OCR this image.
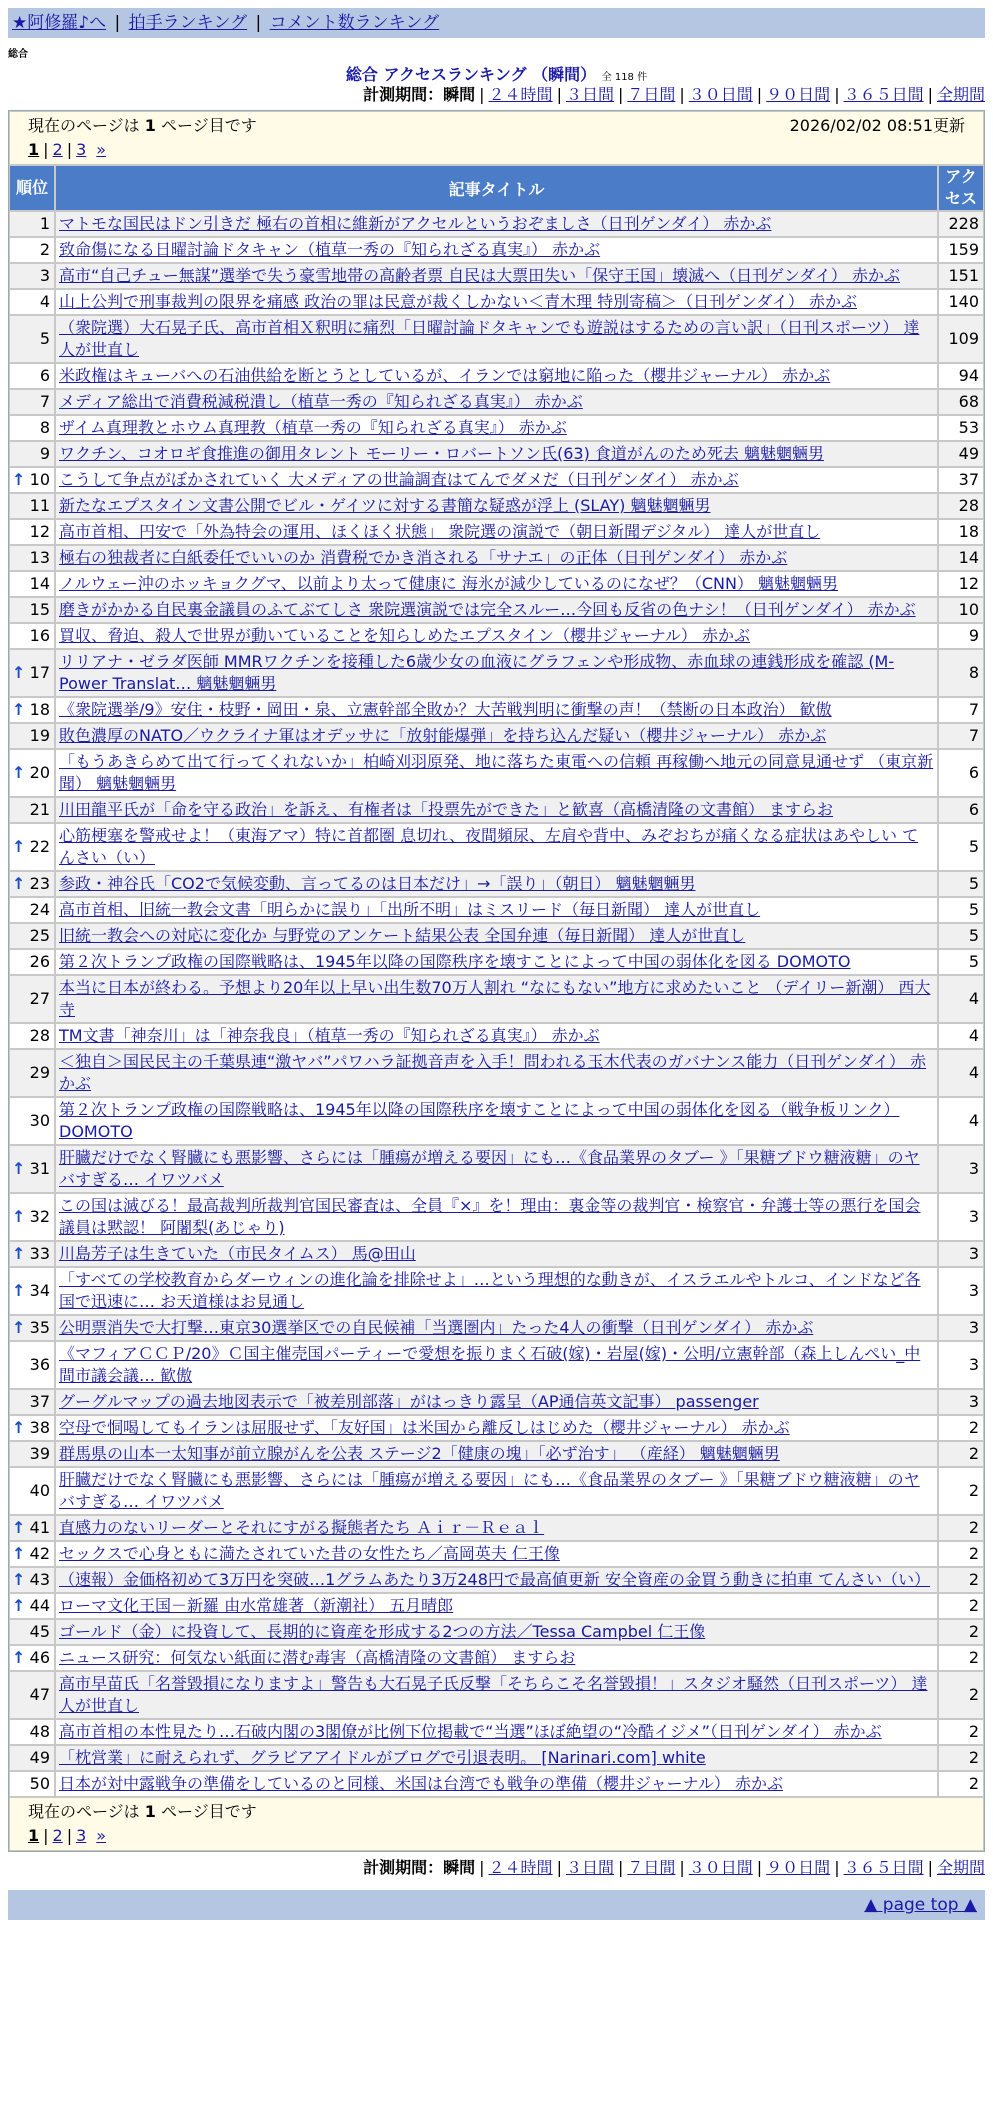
★阿修羅♪へ | 拍手ランキング | コメント数ランキング
総合
総合 アクセスランキング （瞬間） 全 118 件
計測期間：瞬間 | ２４時間 | ３日間 | ７日間 | ３０日間 | ９０日間 | ３６５日間 | 全期間
現在のページは 1 ページ目です 2026/02/02 08:51更新
1 | 2 | 3 »		

順位	記事タイトル	アクセス
1	マトモな国民はドン引きだ 極右の首相に維新がアクセルというおぞましさ（日刊ゲンダイ） 赤かぶ	228
2	致命傷になる日曜討論ドタキャン（植草一秀の『知られざる真実』） 赤かぶ	159
3	高市“自己チュー無謀”選挙で失う豪雪地帯の高齢者票 自民は大票田失い「保守王国」壊滅へ（日刊ゲンダイ） 赤かぶ	151
4	山上公判で刑事裁判の限界を痛感 政治の罪は民意が裁くしかない＜青木理 特別寄稿＞（日刊ゲンダイ） 赤かぶ	140
5	（衆院選）大石晃子氏、高市首相Ｘ釈明に痛烈「日曜討論ドタキャンでも遊説はするための言い訳」（日刊スポーツ） 達人が世直し	109
6	米政権はキューバへの石油供給を断とうとしているが、イランでは窮地に陥った（櫻井ジャーナル） 赤かぶ	94
7	メディア総出で消費税減税潰し（植草一秀の『知られざる真実』） 赤かぶ	68
8	ザイム真理教とホウム真理教（植草一秀の『知られざる真実』） 赤かぶ	53
9	ワクチン、コオロギ食推進の御用タレント モーリー・ロバートソン氏(63) 食道がんのため死去 魑魅魍魎男	49

↑ 10	こうして争点がぼかされていく 大メディアの世論調査はてんでダメだ（日刊ゲンダイ） 赤かぶ	37
11	新たなエプスタイン文書公開でビル・ゲイツに対する書簡な疑惑が浮上 (SLAY) 魑魅魍魎男	28
12	高市首相、円安で「外為特会の運用、ほくほく状態」 衆院選の演説で（朝日新聞デジタル） 達人が世直し	18
13	極右の独裁者に白紙委任でいいのか 消費税でかき消される「サナエ」の正体（日刊ゲンダイ） 赤かぶ	14
14	ノルウェー沖のホッキョクグマ、以前より太って健康に 海氷が減少しているのになぜ？（CNN） 魑魅魍魎男	12
15	磨きがかかる自民裏金議員のふてぶてしさ 衆院選演説では完全スルー…今回も反省の色ナシ！（日刊ゲンダイ） 赤かぶ	10
16	買収、脅迫、殺人で世界が動いていることを知らしめたエプスタイン（櫻井ジャーナル） 赤かぶ	9

↑ 17	リリアナ・ゼラダ医師 MMRワクチンを接種した6歳少女の血液にグラフェンや形成物、赤血球の連銭形成を確認 (M-Power Translat… 魑魅魍魎男	8

↑ 18	《衆院選挙/9》安住・枝野・岡田・泉、立憲幹部全敗か？大苦戦判明に衝撃の声！（禁断の日本政治） 歓傲	7
19	敗色濃厚のNATO／ウクライナ軍はオデッサに「放射能爆弾」を持ち込んだ疑い（櫻井ジャーナル） 赤かぶ	7

↑ 20	「もうあきらめて出て行ってくれないか」柏崎刈羽原発、地に落ちた東電への信頼 再稼働へ地元の同意見通せず （東京新聞） 魑魅魍魎男	6
21	川田龍平氏が「命を守る政治」を訴え、有権者は「投票先ができた」と歓喜（高橋清隆の文書館） ますらお	6

↑ 22	心筋梗塞を警戒せよ！（東海アマ）特に首都圏 息切れ、夜間頻尿、左肩や背中、みぞおちが痛くなる症状はあやしい てんさい（い）	5

↑ 23	参政・神谷氏「CO2で気候変動、言ってるのは日本だけ」→「誤り」（朝日） 魑魅魍魎男	5
24	高市首相、旧統一教会文書「明らかに誤り」「出所不明」はミスリード（毎日新聞） 達人が世直し	5
25	旧統一教会への対応に変化か 与野党のアンケート結果公表 全国弁連（毎日新聞） 達人が世直し	5
26	第２次トランプ政権の国際戦略は、1945年以降の国際秩序を壊すことによって中国の弱体化を図る DOMOTO	5
27	本当に日本が終わる。予想より20年以上早い出生数70万人割れ “なにもない”地方に求めたいこと （デイリー新潮） 西大寺	4
28	TM文書「神奈川」は「神奈我良」（植草一秀の『知られざる真実』） 赤かぶ	4
29	＜独自＞国民民主の千葉県連“激ヤバ”パワハラ証拠音声を入手！問われる玉木代表のガバナンス能力（日刊ゲンダイ） 赤かぶ	4
30	第２次トランプ政権の国際戦略は、1945年以降の国際秩序を壊すことによって中国の弱体化を図る（戦争板リンク） DOMOTO	4

↑ 31	肝臓だけでなく腎臓にも悪影響、さらには「腫瘍が増える要因」にも…《食品業界のタブー 》「果糖ブドウ糖液糖」のヤバすぎる… イワツバメ	3

↑ 32	この国は滅びる！最高裁判所裁判官国民審査は、全員『×』を！理由：裏金等の裁判官・検察官・弁護士等の悪行を国会議員は黙認！ 阿闍梨(あじゃり)	3

↑ 33	川島芳子は生きていた（市民タイムス） 馬@田山	3

↑ 34	「すべての学校教育からダーウィンの進化論を排除せよ」…という理想的な動きが、イスラエルやトルコ、インドなど各国で迅速に… お天道様はお見通し	3

↑ 35	公明票消失で大打撃…東京30選挙区での自民候補「当選圏内」たった4人の衝撃（日刊ゲンダイ） 赤かぶ	3
36	《マフィアＣＣＰ/20》Ｃ国主催売国パーティーで愛想を振りまく石破(嫁)・岩屋(嫁)・公明/立憲幹部（森上しんぺい_中間市議会議… 歓傲	3
37	グーグルマップの過去地図表示で「被差別部落」がはっきり露呈（AP通信英文記事） passenger	3

↑ 38	空母で恫喝してもイランは屈服せず、「友好国」は米国から離反しはじめた（櫻井ジャーナル） 赤かぶ	2
39	群馬県の山本一太知事が前立腺がんを公表 ステージ2「健康の塊」「必ず治す」 （産経） 魑魅魍魎男	2
40	肝臓だけでなく腎臓にも悪影響、さらには「腫瘍が増える要因」にも…《食品業界のタブー 》「果糖ブドウ糖液糖」のヤバすぎる… イワツバメ	2

↑ 41	直感力のないリーダーとそれにすがる擬態者たち Ａｉｒ－Ｒｅａｌ	2

↑ 42	セックスで心身ともに満たされていた昔の女性たち／高岡英夫 仁王像	2

↑ 43	（速報）金価格初めて3万円を突破…1グラムあたり3万248円で最高値更新 安全資産の金買う動きに拍車 てんさい（い）	2

↑ 44	ローマ文化王国－新羅 由水常雄著（新潮社） 五月晴郎	2
45	ゴールド（金）に投資して、長期的に資産を形成する2つの方法／Tessa Campbel 仁王像	2

↑ 46	ニュース研究：何気ない紙面に潜む毒害（高橋清隆の文書館） ますらお	2
47	高市早苗氏「名誉毀損になりますよ」警告も大石晃子氏反撃「そちらこそ名誉毀損！」スタジオ騒然（日刊スポーツ） 達人が世直し	2
48	高市首相の本性見たり…石破内閣の3閣僚が比例下位掲載で“当選”ほぼ絶望の“冷酷イジメ”（日刊ゲンダイ） 赤かぶ	2
49	「枕営業」に耐えられず、グラビアアイドルがブログで引退表明。 [Narinari.com] white	2
50	日本が対中露戦争の準備をしているのと同様、米国は台湾でも戦争の準備（櫻井ジャーナル） 赤かぶ	2
現在のページは 1 ページ目です
1 | 2 | 3 »		
計測期間：瞬間 | ２４時間 | ３日間 | ７日間 | ３０日間 | ９０日間 | ３６５日間 | 全期間
▲ page top ▲
